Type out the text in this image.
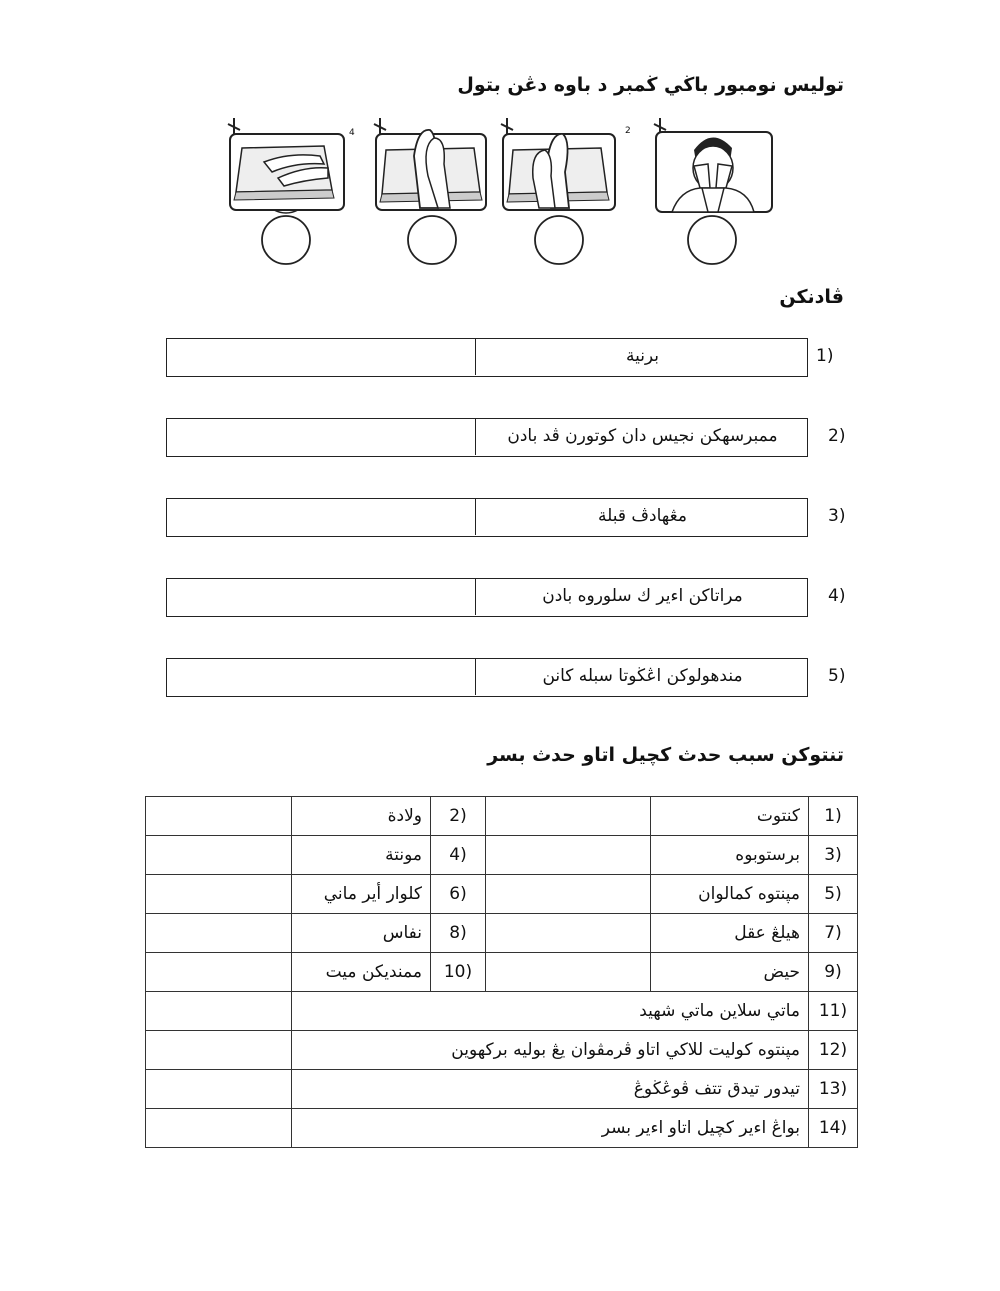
توليس نومبور باڬي ڬمبر د باوه دڠن بتول
4	2
ڤادنكن
برنية	1)
ممبرسهكن نجيس دان كوتورن ڤد بادن	2)
مڠهادڤ قبلة	3)
مراتاكن اءير ك سلوروه بادن	4)
مندهولوكن اڠڬوتا سبله كانن	5)
تنتوكن سبب حدث كچيل اتاو حدث بسر
	ولادة	2)		كنتوت	1)
	مونتة	4)		برستوبوه	3)
	كلوار أير ماني	6)		مڽنتوه كمالوان	5)
	نفاس	8)		هيلڠ عقل	7)
	ممنديكن ميت	10)		حيض	9)
	ماتي سلاين ماتي شهيد				11)
	مڽنتوه كوليت للاكي اتاو ڤرمڤوان يڠ بوليه بركهوين				12)
	تيدور تيدق تتف ڤوڠڬوڠ				13)
	بواڠ اءير كچيل اتاو اءير بسر				14)
